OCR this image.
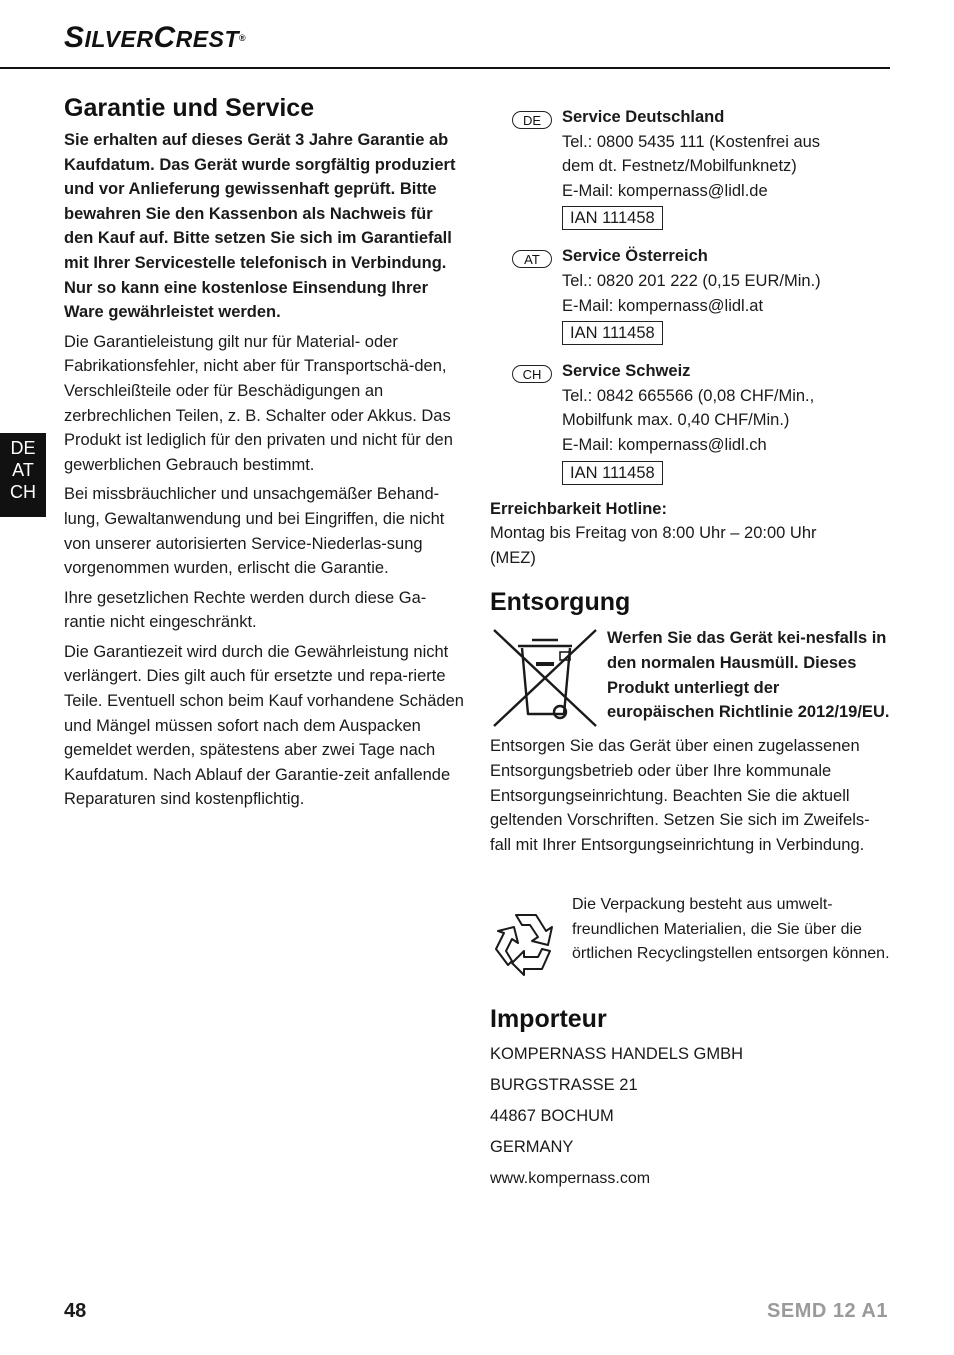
SILVERCREST®
DE
AT
CH
Garantie und Service

Sie erhalten auf dieses Gerät 3 Jahre Garantie ab Kaufdatum. Das Gerät wurde sorgfältig produziert und vor Anlieferung gewissenhaft geprüft. Bitte bewahren Sie den Kassenbon als Nachweis für den Kauf auf. Bitte setzen Sie sich im Garantiefall mit Ihrer Servicestelle telefonisch in Verbindung. Nur so kann eine kostenlose Einsendung Ihrer Ware gewährleistet werden.

Die Garantieleistung gilt nur für Material- oder Fabrikationsfehler, nicht aber für Transportschä-den, Verschleißteile oder für Beschädigungen an zerbrechlichen Teilen, z. B. Schalter oder Akkus. Das Produkt ist lediglich für den privaten und nicht für den gewerblichen Gebrauch bestimmt.

Bei missbräuchlicher und unsachgemäßer Behand-lung, Gewaltanwendung und bei Eingriffen, die nicht von unserer autorisierten Service-Niederlas-sung vorgenommen wurden, erlischt die Garantie.

Ihre gesetzlichen Rechte werden durch diese Ga-rantie nicht eingeschränkt.

Die Garantiezeit wird durch die Gewährleistung nicht verlängert. Dies gilt auch für ersetzte und repa-rierte Teile. Eventuell schon beim Kauf vorhandene Schäden und Mängel müssen sofort nach dem Auspacken gemeldet werden, spätestens aber zwei Tage nach Kaufdatum. Nach Ablauf der Garantie-zeit anfallende Reparaturen sind kostenpflichtig.

DE	Service Deutschland
Tel.: 0800 5435 111 (Kostenfrei aus
dem dt. Festnetz/Mobilfunknetz)
E-Mail: kompernass@lidl.de
IAN 111458
AT	Service Österreich
Tel.: 0820 201 222 (0,15 EUR/Min.)
E-Mail: kompernass@lidl.at
IAN 111458
CH	Service Schweiz
Tel.: 0842 665566 (0,08 CHF/Min.,
Mobilfunk max. 0,40 CHF/Min.)
E-Mail: kompernass@lidl.ch
IAN 111458
Erreichbarkeit Hotline:
Montag bis Freitag von 8:00 Uhr – 20:00 Uhr
(MEZ)
Entsorgung

Werfen Sie das Gerät kei-nesfalls in den normalen Hausmüll. Dieses Produkt unterliegt der europäischen Richtlinie 2012/19/EU.

Entsorgen Sie das Gerät über einen zugelassenen Entsorgungsbetrieb oder über Ihre kommunale Entsorgungseinrichtung. Beachten Sie die aktuell geltenden Vorschriften. Setzen Sie sich im Zweifels-fall mit Ihrer Entsorgungseinrichtung in Verbindung.

Die Verpackung besteht aus umwelt-freundlichen Materialien, die Sie über die örtlichen Recyclingstellen entsorgen können.

Importeur
KOMPERNASS HANDELS GMBH
BURGSTRASSE 21
44867 BOCHUM
GERMANY
www.kompernass.com
48	SEMD 12 A1
